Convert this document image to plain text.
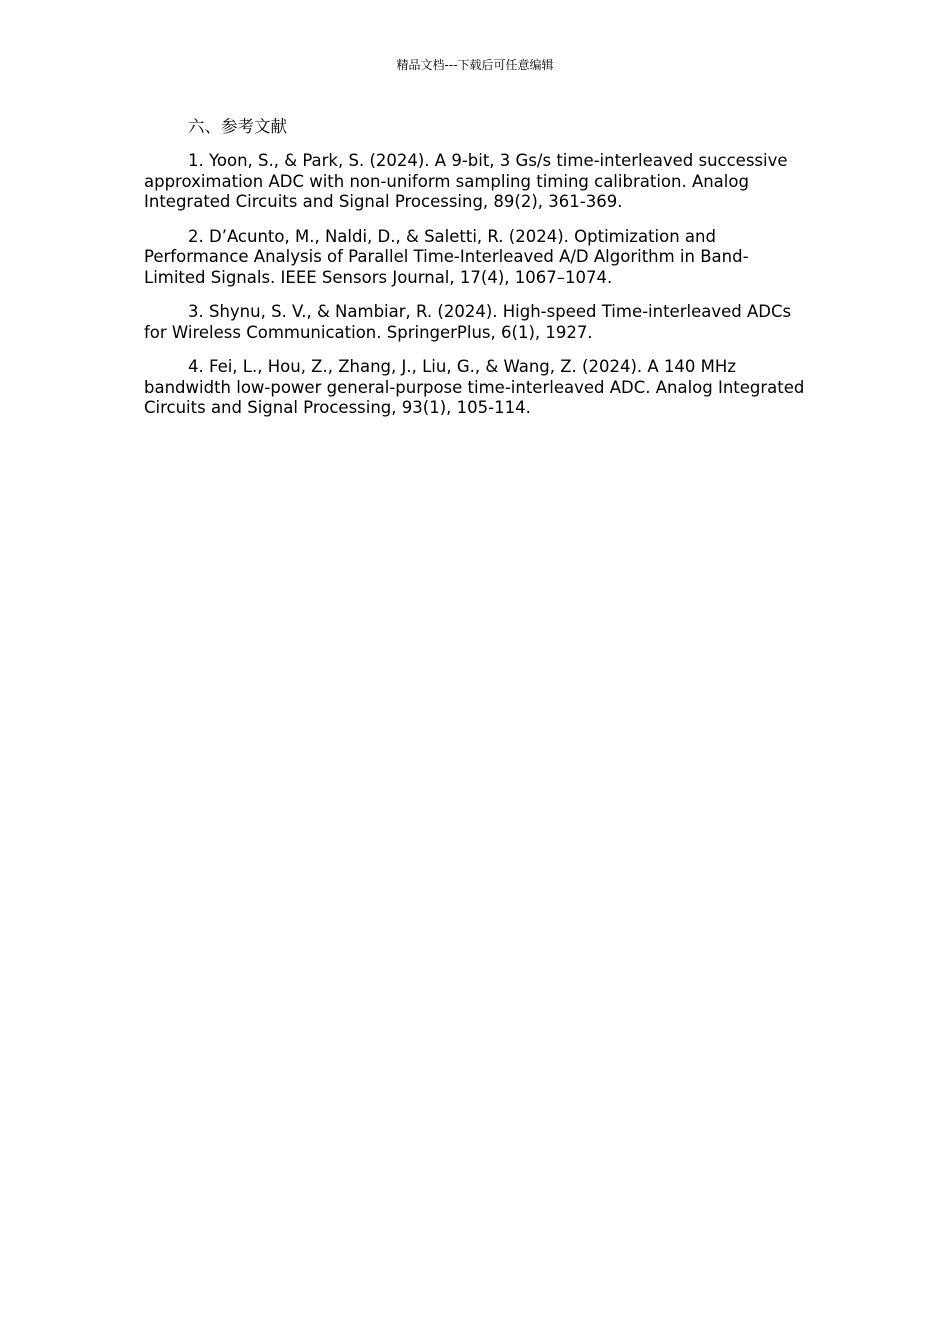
精品文档---下载后可任意编辑
六、参考文献

1. Yoon, S., & Park, S. (2024). A 9-bit, 3 Gs/s time-interleaved successive approximation ADC with non-uniform sampling timing calibration. Analog Integrated Circuits and Signal Processing, 89(2), 361-369.

2. D’Acunto, M., Naldi, D., & Saletti, R. (2024). Optimization and Performance Analysis of Parallel Time-Interleaved A/D Algorithm in Band-Limited Signals. IEEE Sensors Journal, 17(4), 1067–1074.

3. Shynu, S. V., & Nambiar, R. (2024). High-speed Time-interleaved ADCs for Wireless Communication. SpringerPlus, 6(1), 1927.

4. Fei, L., Hou, Z., Zhang, J., Liu, G., & Wang, Z. (2024). A 140 MHz bandwidth low-power general-purpose time-interleaved ADC. Analog Integrated Circuits and Signal Processing, 93(1), 105-114.
